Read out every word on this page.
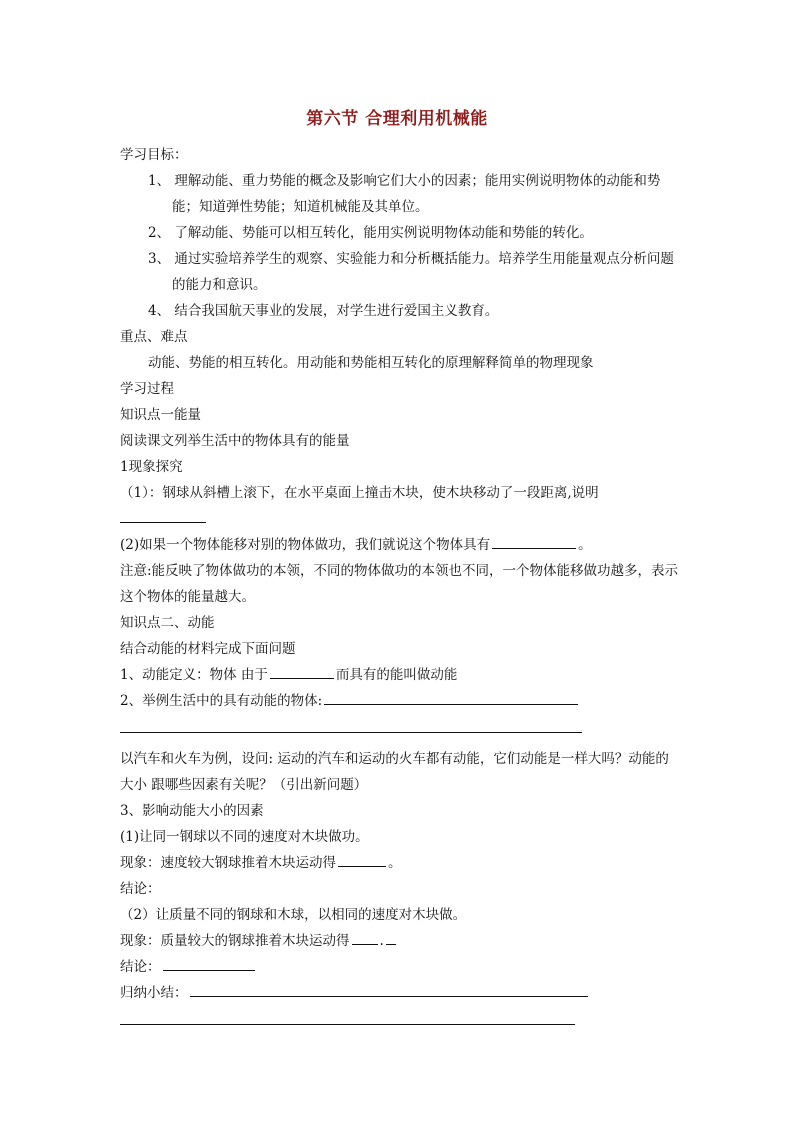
第六节 合理利用机械能
学习目标：
1、 理解动能、重力势能的概念及影响它们大小的因素；能用实例说明物体的动能和势能；知道弹性势能；知道机械能及其单位。
2、 了解动能、势能可以相互转化，能用实例说明物体动能和势能的转化。
3、 通过实验培养学生的观察、实验能力和分析概括能力。培养学生用能量观点分析问题的能力和意识。
4、 结合我国航天事业的发展，对学生进行爱国主义教育。
重点、难点
动能、势能的相互转化。用动能和势能相互转化的原理解释简单的物理现象
学习过程
知识点一能量
阅读课文列举生活中的物体具有的能量
1现象探究
（1）：钢球从斜槽上滚下，在水平桌面上撞击木块，使木块移动了一段距离,说明
(2)如果一个物体能移对别的物体做功，我们就说这个物体具有	。
注意:能反映了物体做功的本领，不同的物体做功的本领也不同，一个物体能移做功越多，表示这个物体的能量越大。
知识点二、动能
结合动能的材料完成下面问题
1、动能定义：物体 由于	而具有的能叫做动能
2、举例生活中的具有动能的物体:
以汽车和火车为例，设问: 运动的汽车和运动的火车都有动能，它们动能是一样大吗？动能的大小 跟哪些因素有关呢？（引出新问题）
3、影响动能大小的因素
(1)让同一钢球以不同的速度对木块做功。
现象：速度较大钢球推着木块运动得	。
结论：
（2）让质量不同的钢球和木球，以相同的速度对木块做。
现象：质量较大的钢球推着木块运动得 .
结论：
归纳小结：
